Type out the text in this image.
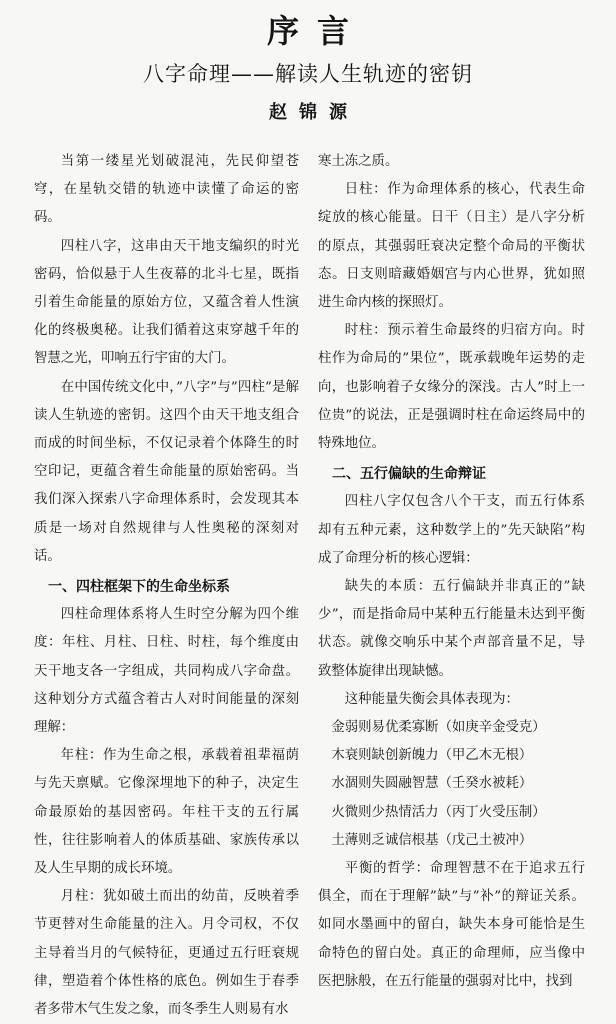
序言
八字命理——解读人生轨迹的密钥
赵锦源

当第一缕星光划破混沌，先民仰望苍穹，在星轨交错的轨迹中读懂了命运的密码。

四柱八字，这串由天干地支编织的时光密码，恰似悬于人生夜幕的北斗七星，既指引着生命能量的原始方位，又蕴含着人性演化的终极奥秘。让我们循着这束穿越千年的智慧之光，叩响五行宇宙的大门。

在中国传统文化中，”八字”与”四柱”是解读人生轨迹的密钥。这四个由天干地支组合而成的时间坐标，不仅记录着个体降生的时空印记，更蕴含着生命能量的原始密码。当我们深入探索八字命理体系时，会发现其本质是一场对自然规律与人性奥秘的深刻对话。

一、四柱框架下的生命坐标系

四柱命理体系将人生时空分解为四个维度：年柱、月柱、日柱、时柱，每个维度由天干地支各一字组成，共同构成八字命盘。这种划分方式蕴含着古人对时间能量的深刻理解：

年柱：作为生命之根，承载着祖辈福荫与先天禀赋。它像深埋地下的种子，决定生命最原始的基因密码。年柱干支的五行属性，往往影响着人的体质基础、家族传承以及人生早期的成长环境。

月柱：犹如破土而出的幼苗，反映着季节更替对生命能量的注入。月令司权，不仅主导着当月的气候特征，更通过五行旺衰规律，塑造着个体性格的底色。例如生于春季者多带木气生发之象，而冬季生人则易有水

寒土冻之质。

日柱：作为命理体系的核心，代表生命绽放的核心能量。日干（日主）是八字分析的原点，其强弱旺衰决定整个命局的平衡状态。日支则暗藏婚姻宫与内心世界，犹如照进生命内核的探照灯。

时柱：预示着生命最终的归宿方向。时柱作为命局的”果位”，既承载晚年运势的走向，也影响着子女缘分的深浅。古人”时上一位贵”的说法，正是强调时柱在命运终局中的特殊地位。

二、五行偏缺的生命辩证

四柱八字仅包含八个干支，而五行体系却有五种元素，这种数学上的”先天缺陷”构成了命理分析的核心逻辑：

缺失的本质：五行偏缺并非真正的”缺少”，而是指命局中某种五行能量未达到平衡状态。就像交响乐中某个声部音量不足，导致整体旋律出现缺憾。

这种能量失衡会具体表现为：

金弱则易优柔寡断（如庚辛金受克）
木衰则缺创新魄力（甲乙木无根）
水涸则失圆融智慧（壬癸水被耗）
火微则少热情活力（丙丁火受压制）
土薄则乏诚信根基（戊己土被冲）

平衡的哲学：命理智慧不在于追求五行俱全，而在于理解”缺”与”补”的辩证关系。如同水墨画中的留白，缺失本身可能恰是生命特色的留白处。真正的命理师，应当像中医把脉般，在五行能量的强弱对比中，找到
